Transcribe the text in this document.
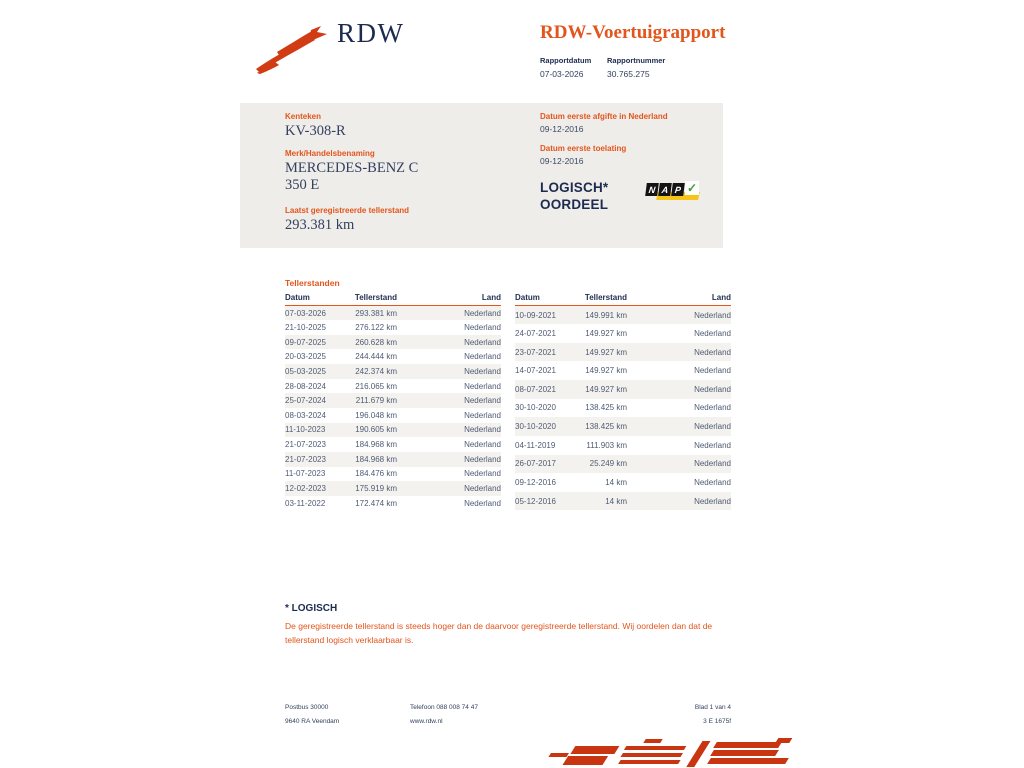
RDW	RDW-Voertuigrapport
Rapportdatum
07-03-2026
Rapportnummer
30.765.275
Kenteken
KV-308-R
Merk/Handelsbenaming
MERCEDES-BENZ C 350 E
Laatst geregistreerde tellerstand
293.381 km
Datum eerste afgifte in Nederland
09-12-2016
Datum eerste toelating
09-12-2016
LOGISCH*
OORDEEL
N A P ✓
Tellerstanden
Datum	Tellerstand	Land
07-03-2026	293.381 km	Nederland
21-10-2025	276.122 km	Nederland
09-07-2025	260.628 km	Nederland
20-03-2025	244.444 km	Nederland
05-03-2025	242.374 km	Nederland
28-08-2024	216.065 km	Nederland
25-07-2024	211.679 km	Nederland
08-03-2024	196.048 km	Nederland
11-10-2023	190.605 km	Nederland
21-07-2023	184.968 km	Nederland
21-07-2023	184.968 km	Nederland
11-07-2023	184.476 km	Nederland
12-02-2023	175.919 km	Nederland
03-11-2022	172.474 km	Nederland
Datum	Tellerstand	Land
10-09-2021	149.991 km	Nederland
24-07-2021	149.927 km	Nederland
23-07-2021	149.927 km	Nederland
14-07-2021	149.927 km	Nederland
08-07-2021	149.927 km	Nederland
30-10-2020	138.425 km	Nederland
30-10-2020	138.425 km	Nederland
04-11-2019	111.903 km	Nederland
26-07-2017	25.249 km	Nederland
09-12-2016	14 km	Nederland
05-12-2016	14 km	Nederland
* LOGISCH
De geregistreerde tellerstand is steeds hoger dan de daarvoor geregistreerde tellerstand. Wij oordelen dan dat de tellerstand logisch verklaarbaar is.
Postbus 30000
9640 RA Veendam
Telefoon 088 008 74 47
www.rdw.nl
Blad 1 van 4
3 E 1675f
